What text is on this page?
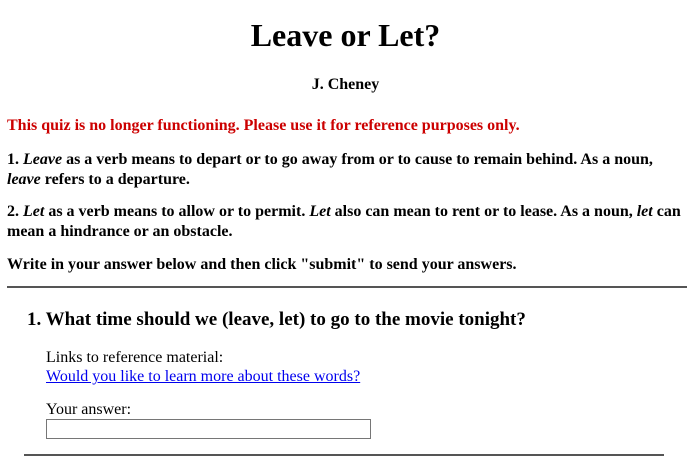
Leave or Let?
J. Cheney
This quiz is no longer functioning. Please use it for reference purposes only.
1. Leave as a verb means to depart or to go away from or to cause to remain behind. As a noun, leave refers to a departure.
2. Let as a verb means to allow or to permit. Let also can mean to rent or to lease. As a noun, let can mean a hindrance or an obstacle.
Write in your answer below and then click "submit" to send your answers.
1. What time should we (leave, let) to go to the movie tonight?
Links to reference material:
Would you like to learn more about these words?
Your answer:
